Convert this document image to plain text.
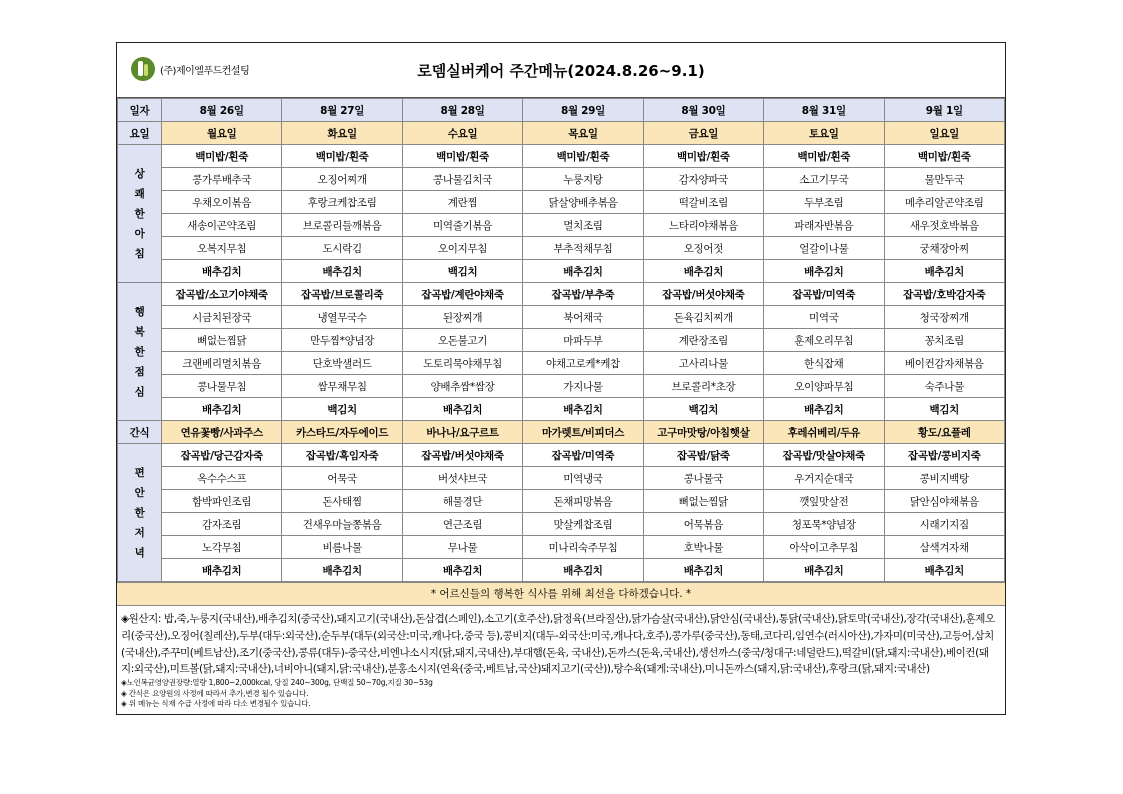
(주)제이엘푸드컨설팅	로뎀실버케어 주간메뉴(2024.8.26~9.1)
일자	8월 26일	8월 27일	8월 28일	8월 29일	8월 30일	8월 31일	9월 1일
요일	월요일	화요일	수요일	목요일	금요일	토요일	일요일

상
쾌
한
아
침	백미밥/흰죽	백미밥/흰죽	백미밥/흰죽	백미밥/흰죽	백미밥/흰죽	백미밥/흰죽	백미밥/흰죽
	콩가루배추국	오징어찌개	콩나물김치국	누룽지탕	감자양파국	소고기무국	물만두국
	우채오이볶음	후랑크케찹조림	계란찜	닭살양배추볶음	떡갈비조림	두부조림	메추리알곤약조림
	새송이곤약조림	브로콜리들깨볶음	미역줄기볶음	멸치조림	느타리야채볶음	파래자반볶음	새우젓호박볶음
	오복지무침	도시락김	오이지무침	부추적채무침	오징어젓	얼갈이나물	궁채장아찌
	배추김치	배추김치	백김치	배추김치	배추김치	배추김치	배추김치

행
복
한
점
심	잡곡밥/소고기야채죽	잡곡밥/브로콜리죽	잡곡밥/계란야채죽	잡곡밥/부추죽	잡곡밥/버섯야채죽	잡곡밥/미역죽	잡곡밥/호박감자죽
	시금치된장국	냉열무국수	된장찌개	북어채국	돈육김치찌개	미역국	청국장찌개
	뼈없는찜닭	만두찜*양념장	오돈불고기	마파두부	계란장조림	훈제오리무침	꽁치조림
	크랜베리멸치볶음	단호박샐러드	도토리묵야채무침	야채고로케*케찹	고사리나물	한식잡채	베이컨감자채볶음
	콩나물무침	쌈무채무침	양배추쌈*쌈장	가지나물	브로콜리*초장	오이양파무침	숙주나물
	배추김치	백김치	배추김치	배추김치	백김치	배추김치	백김치
간식	연유꽃빵/사과주스	카스타드/자두에이드	바나나/요구르트	마가렛트/비피더스	고구마맛탕/아침햇살	후레쉬베리/두유	황도/요플레

편
안
한
저
녁	잡곡밥/당근감자죽	잡곡밥/흑임자죽	잡곡밥/버섯야채죽	잡곡밥/미역죽	잡곡밥/닭죽	잡곡밥/맛살야채죽	잡곡밥/콩비지죽
	옥수수스프	어묵국	버섯샤브국	미역냉국	콩나물국	우거지순대국	콩비지백탕
	함박파인조림	돈사태찜	해물경단	돈채피망볶음	뼈없는찜닭	깻잎맛살전	닭안심야채볶음
	감자조림	건새우마늘쫑볶음	연근조림	맛살케찹조림	어묵볶음	청포묵*양념장	시래기지짐
	노각무침	비름나물	무나물	미나리숙주무침	호박나물	아삭이고추무침	삼색겨자채
	배추김치	배추김치	배추김치	배추김치	배추김치	배추김치	배추김치
* 어르신들의 행복한 식사를 위해 최선을 다하겠습니다. *
◈원산지: 밥,죽,누룽지(국내산),배추김치(중국산),돼지고기(국내산),돈삼겹(스페인),소고기(호주산),닭정육(브라질산),닭가슴살(국내산),닭안심(국내산),통닭(국내산),닭토막(국내산),장각(국내산),훈제오리(중국산),오징어(칠레산),두부(대두:외국산),순두부(대두(외국산:미국,캐나다,중국 등),콩비지(대두-외국산:미국,캐나다,호주),콩가루(중국산),동태,코다리,임연수(러시아산),가자미(미국산),고등어,삼치(국내산),주꾸미(베트남산),조기(중국산),콩류(대두)-중국산,비엔나소시지(닭,돼지,국내산),부대햄(돈육, 국내산),돈까스(돈육,국내산),생선까스(중국/청대구:네덜란드),떡갈비(닭,돼지:국내산),베이컨(돼지:외국산),미트볼(닭,돼지:국내산),너비아니(돼지,닭:국내산),분홍소시지(연육(중국,베트남,국산)돼지고기(국산)),탕수육(돼게:국내산),미니돈까스(돼지,닭:국내산),후랑크(닭,돼지:국내산)
◈노인복균영양권장량:열량 1,800~2,000kcal, 당질 240~300g, 단백질 50~70g,지질 30~53g
◈ 간식은 요양원의 사정에 따라서 추가,변경 될수 있습니다.
◈ 위 메뉴는 식재 수급 사정에 따라 다소 변경될수 있습니다.
